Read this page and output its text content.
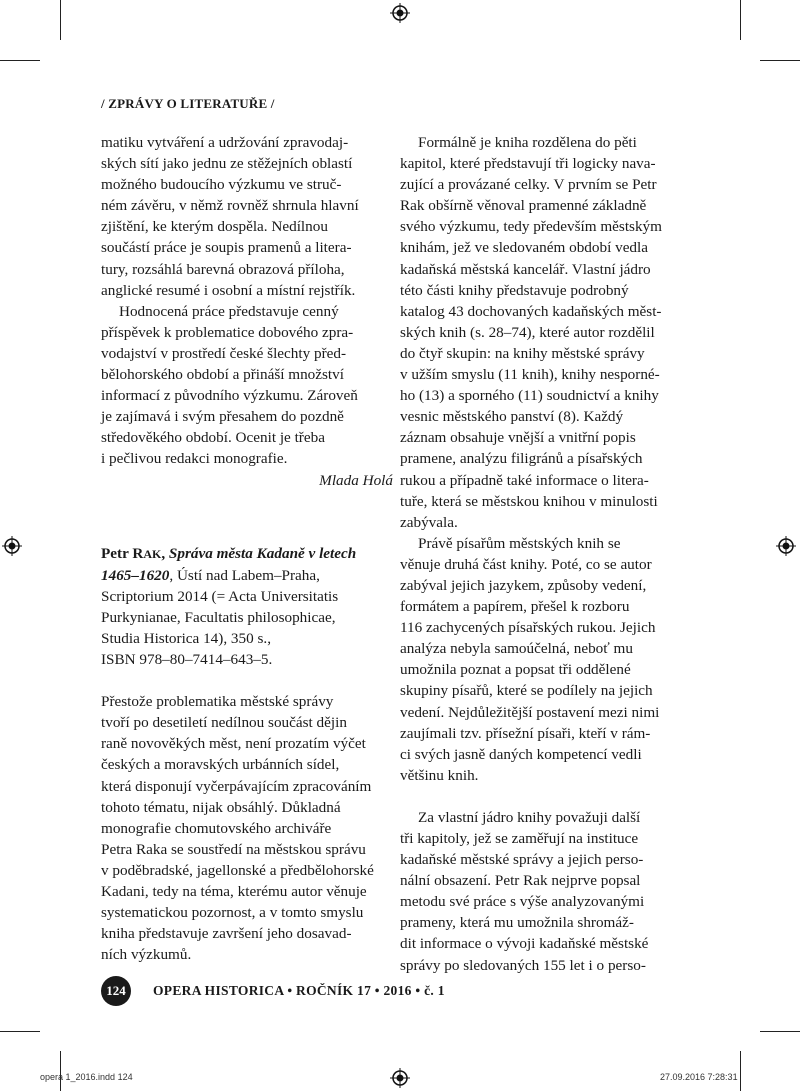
/ ZPRÁVY O LITERATUŘE /

matiku vytváření a udržování zpravodaj-
ských sítí jako jednu ze stěžejních oblastí
možného budoucího výzkumu ve struč-
ném závěru, v němž rovněž shrnula hlavní
zjištění, ke kterým dospěla. Nedílnou
součástí práce je soupis pramenů a litera-
tury, rozsáhlá barevná obrazová příloha,
anglické resumé i osobní a místní rejstřík.

Hodnocená práce představuje cenný
příspěvek k problematice dobového zpra-
vodajství v prostředí české šlechty před-
bělohorského období a přináší množství
informací z původního výzkumu. Zároveň
je zajímavá i svým přesahem do pozdně
středověkého období. Ocenit je třeba
i pečlivou redakci monografie.

Mlada Holá

Petr RAK, Správa města Kadaně v letech
1465–1620, Ústí nad Labem–Praha,
Scriptorium 2014 (= Acta Universitatis
Purkynianae, Facultatis philosophicae,
Studia Historica 14), 350 s.,
ISBN 978–80–7414–643–5.

Přestože problematika městské správy
tvoří po desetiletí nedílnou součást dějin
raně novověkých měst, není prozatím výčet
českých a moravských urbánních sídel,
která disponují vyčerpávajícím zpracováním
tohoto tématu, nijak obsáhlý. Důkladná
monografie chomutovského archiváře
Petra Raka se soustředí na městskou správu
v poděbradské, jagellonské a předbělohorské
Kadani, tedy na téma, kterému autor věnuje
systematickou pozornost, a v tomto smyslu
kniha představuje završení jeho dosavad-
ních výzkumů.

Formálně je kniha rozdělena do pěti
kapitol, které představují tři logicky nava-
zující a provázané celky. V prvním se Petr
Rak obšírně věnoval pramenné základně
svého výzkumu, tedy především městským
knihám, jež ve sledovaném období vedla
kadaňská městská kancelář. Vlastní jádro
této části knihy představuje podrobný
katalog 43 dochovaných kadaňských měst-
ských knih (s. 28–74), které autor rozdělil
do čtyř skupin: na knihy městské správy
v užším smyslu (11 knih), knihy nesporné-
ho (13) a sporného (11) soudnictví a knihy
vesnic městského panství (8). Každý
záznam obsahuje vnější a vnitřní popis
pramene, analýzu filigránů a písařských
rukou a případně také informace o litera-
tuře, která se městskou knihou v minulosti
zabývala.

Právě písařům městských knih se
věnuje druhá část knihy. Poté, co se autor
zabýval jejich jazykem, způsoby vedení,
formátem a papírem, přešel k rozboru
116 zachycených písařských rukou. Jejich
analýza nebyla samoúčelná, neboť mu
umožnila poznat a popsat tři oddělené
skupiny písařů, které se podílely na jejich
vedení. Nejdůležitější postavení mezi nimi
zaujímali tzv. přísežní písaři, kteří v rám-
ci svých jasně daných kompetencí vedli
většinu knih.

Za vlastní jádro knihy považuji další
tři kapitoly, jež se zaměřují na instituce
kadaňské městské správy a jejich perso-
nální obsazení. Petr Rak nejprve popsal
metodu své práce s výše analyzovanými
prameny, která mu umožnila shromáž-
dit informace o vývoji kadaňské městské
správy po sledovaných 155 let i o perso-

124	OPERA HISTORICA • ROČNÍK 17 • 2016 • č. 1
opera 1_2016.indd 124	27.09.2016 7:28:31
